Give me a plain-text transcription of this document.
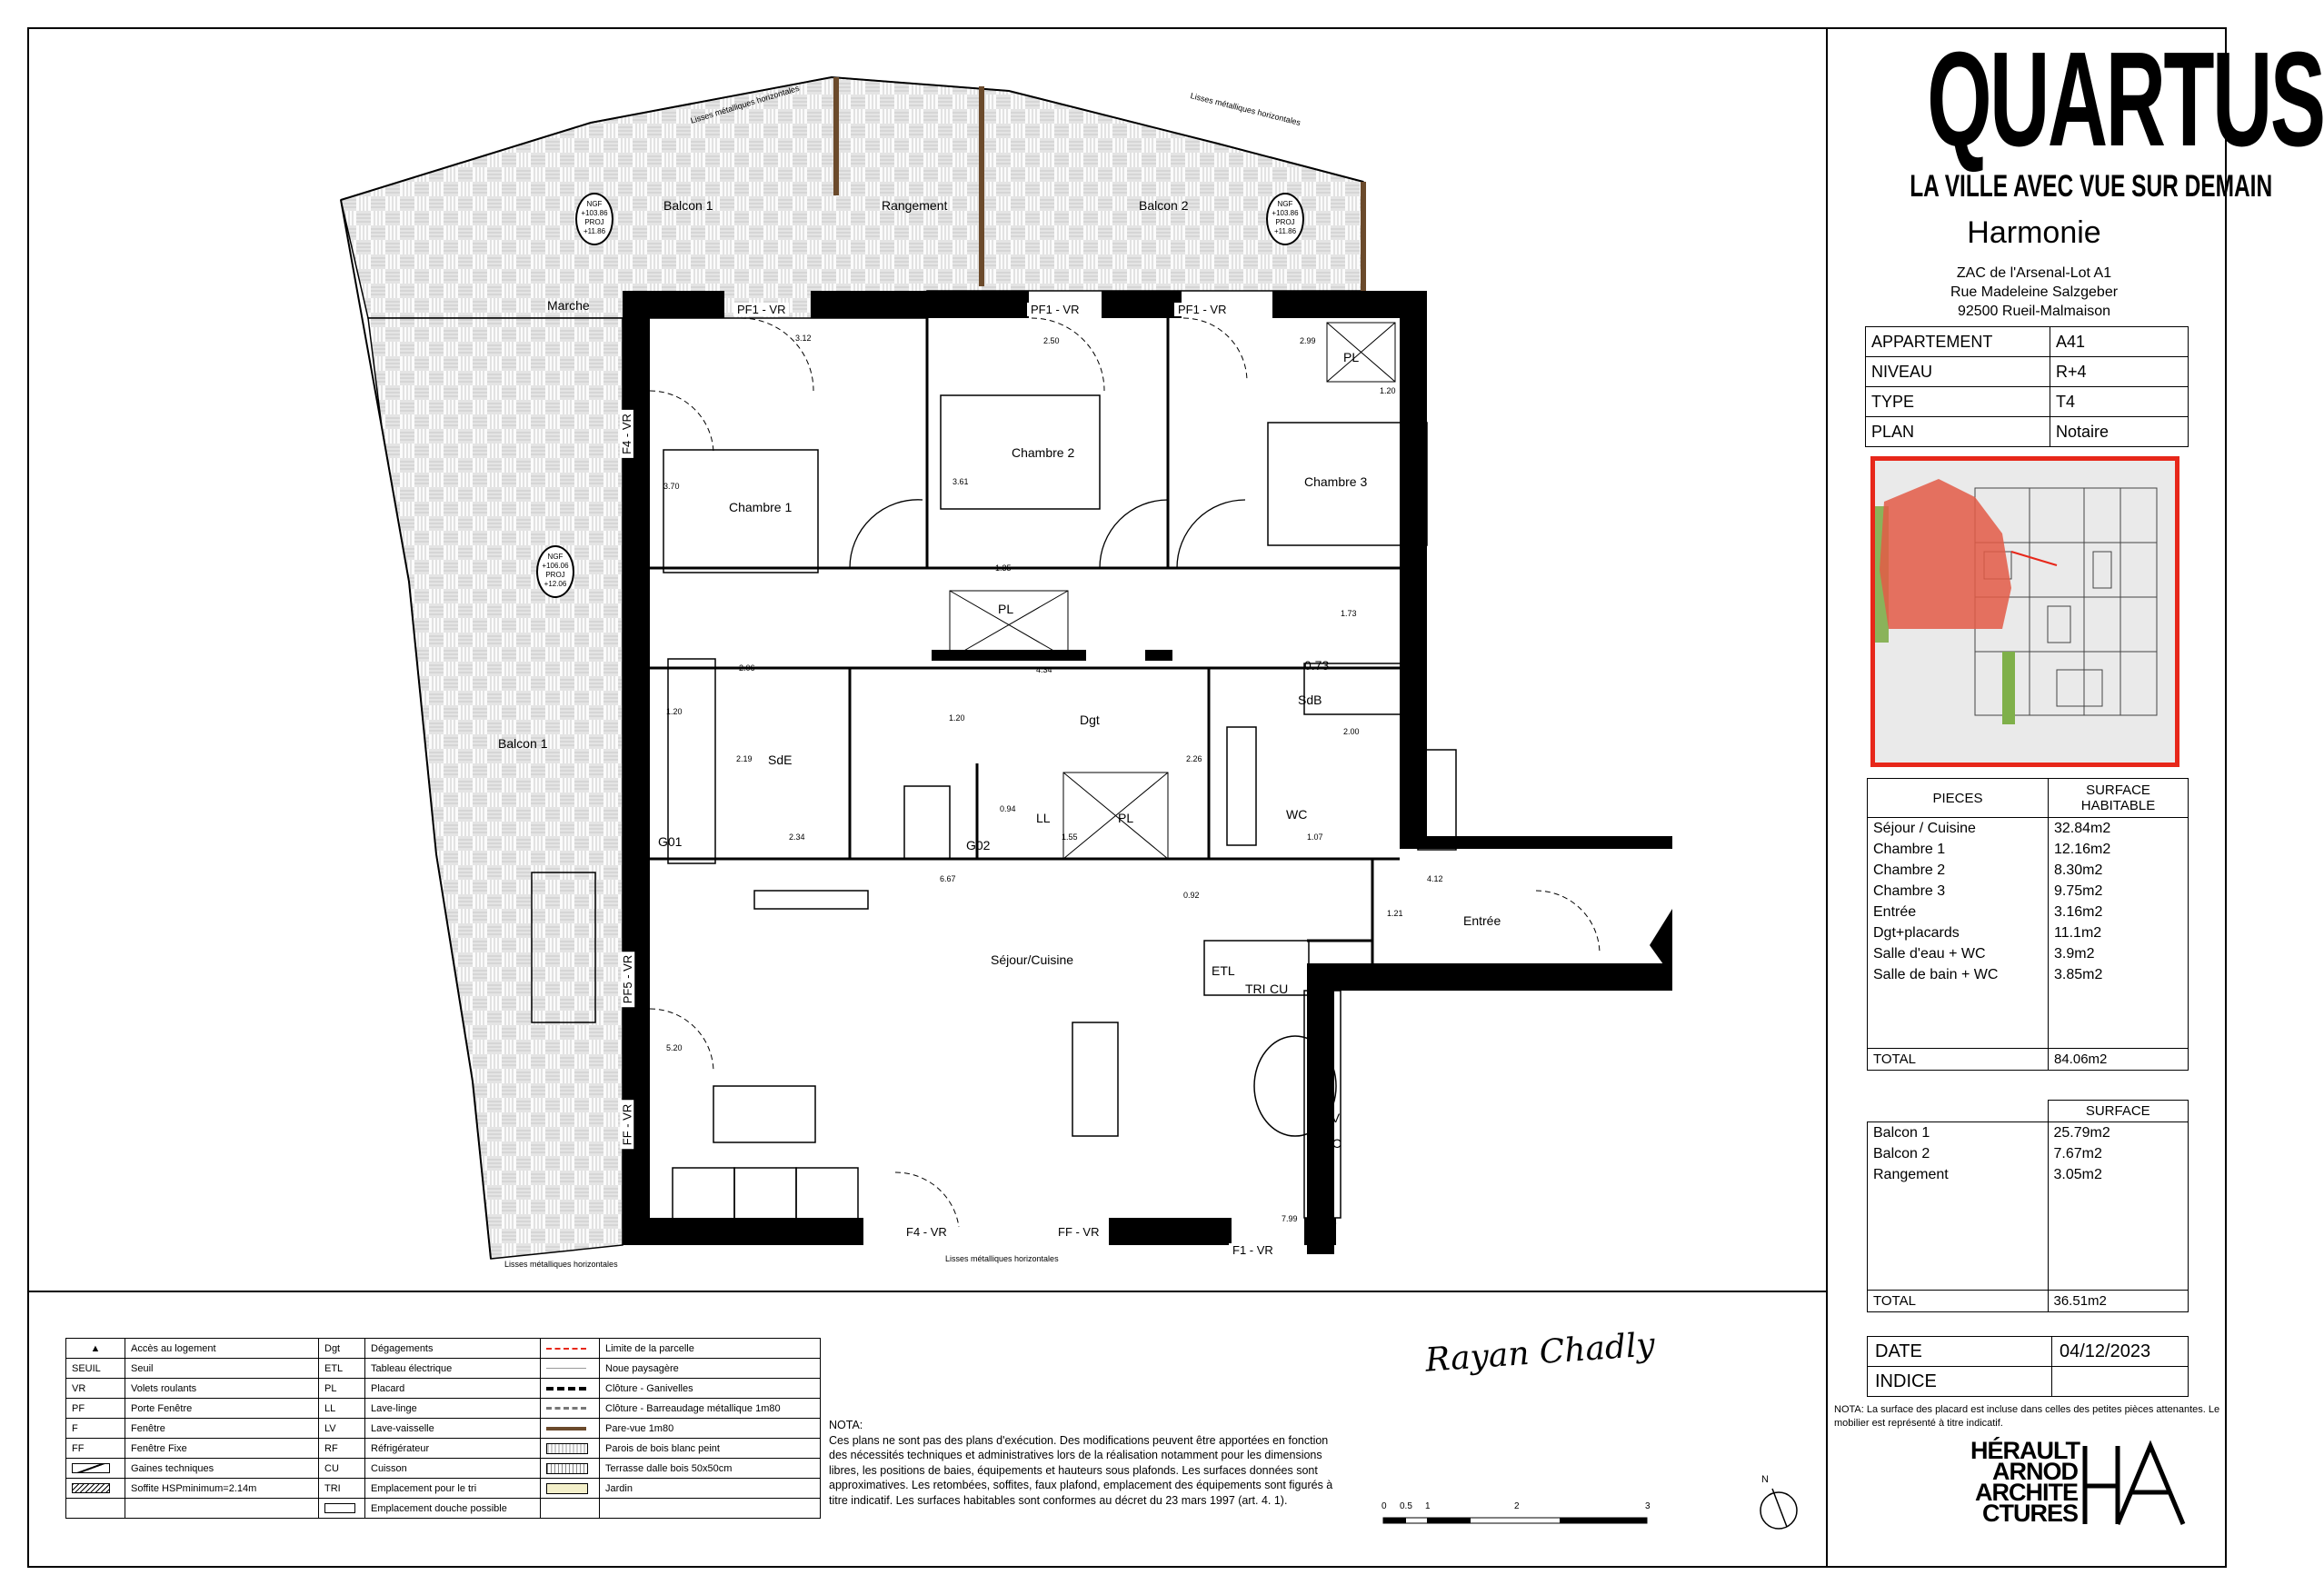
Balcon 1	Rangement	Balcon 2
Marche
Chambre 1
Chambre 2
Chambre 3
Dgt
SdE
SdB
WC
Séjour/Cuisine
Entrée
Balcon 1
PL
PL
PL
LL
LV
LC
RF
ETL
TRI CU
G01	G02
G03
G04
PF1 - VR	PF1 - VR	PF1 - VR
F4 - VR	FF - VR
F1 - VR
F4 - VR
PF5 - VR
FF - VR
3.12	2.50	2.99
1.20
3.70	3.61
2.97
1.35
1.73
0.73
2.06	4.34
2.00
2.19
1.20
2.34	1.55	1.07
6.67	4.12
0.92
1.21
7.99
5.20
2.26
0.94
0.93
1.20
NGF
+103.86
PROJ
+11.86
NGF
+103.86
PROJ
+11.86
NGF
+106.06
PROJ
+12.06
Lisses métalliques horizontales	Lisses métalliques horizontales
Lisses métalliques horizontales
Lisses métalliques horizontales
QUARTUS
LA VILLE AVEC VUE SUR DEMAIN
Harmonie
ZAC de l'Arsenal-Lot A1
Rue Madeleine Salzgeber
92500 Rueil-Malmaison
APPARTEMENT	A41
NIVEAU	R+4
TYPE	T4
PLAN	Notaire
PIECES	SURFACE HABITABLE
Séjour / Cuisine	32.84m2
Chambre 1	12.16m2
Chambre 2	8.30m2
Chambre 3	9.75m2
Entrée	3.16m2
Dgt+placards	11.1m2
Salle d'eau + WC	3.9m2
Salle de bain + WC	3.85m2

TOTAL	84.06m2
	SURFACE
Balcon 1	25.79m2
Balcon 2	7.67m2
Rangement	3.05m2

TOTAL	36.51m2
DATE	04/12/2023
INDICE	
NOTA: La surface des placard est incluse dans celles des petites pièces attenantes. Le mobilier est représenté à titre indicatif.
HÉRAULT
ARNOD
ARCHITE
CTURES
▲	Accès au logement	Dgt	Dégagements		Limite de la parcelle
SEUIL	Seuil	ETL	Tableau électrique		Noue paysagère
VR	Volets roulants	PL	Placard		Clôture - Ganivelles
PF	Porte Fenêtre	LL	Lave-linge		Clôture - Barreaudage métallique 1m80
F	Fenêtre	LV	Lave-vaisselle		Pare-vue 1m80
FF	Fenêtre Fixe	RF	Réfrigérateur		Parois de bois blanc peint

	Gaines techniques	CU	Cuisson		Terrasse dalle bois 50x50cm

	Soffite HSPminimum=2.14m	TRI	Emplacement pour le tri		Jardin

	Emplacement douche possible		
NOTA:
Ces plans ne sont pas des plans d'exécution. Des modifications peuvent être apportées en fonction des nécessités techniques et administratives lors de la réalisation notamment pour les dimensions libres, les positions de baies, équipements et hauteurs sous plafonds. Les surfaces données sont approximatives. Les retombées, soffites, faux plafond, emplacement des équipements sont figurés à titre indicatif. Les surfaces habitables sont conformes au décret du 23 mars 1997 (art. 4. 1).
Rayan Chadly
0 0.5 1	2	3
N
